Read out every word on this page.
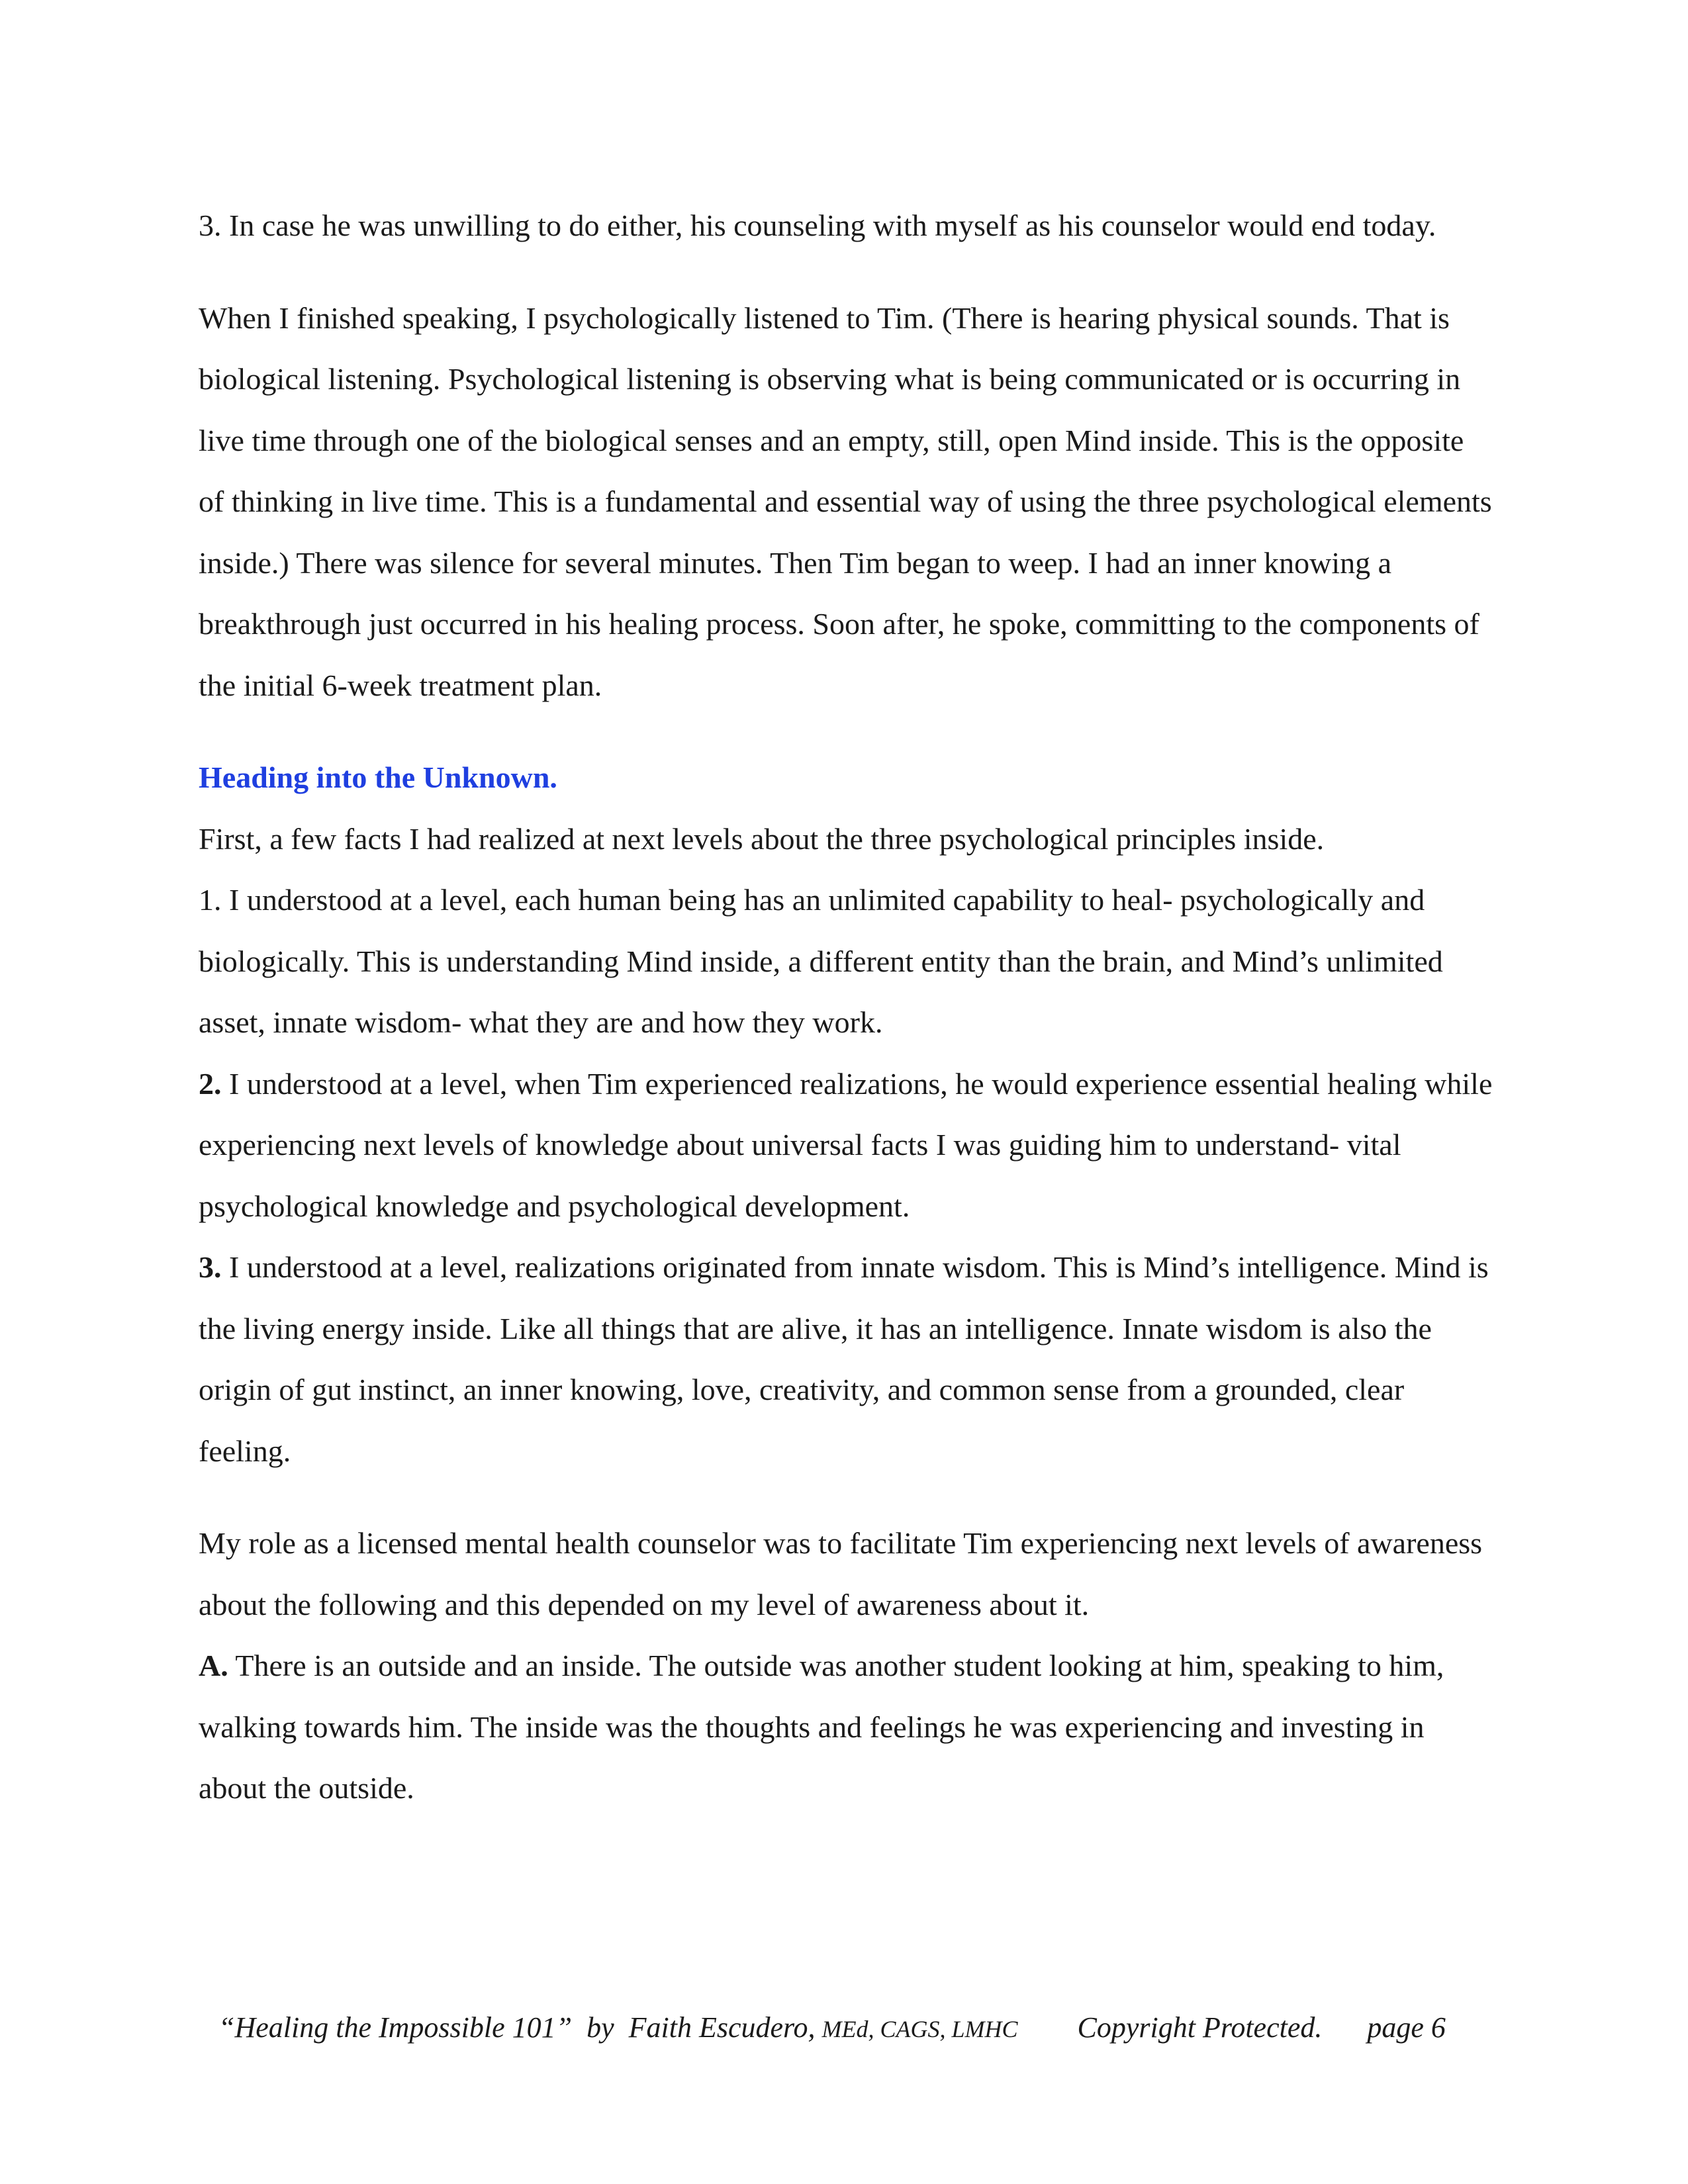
3. In case he was unwilling to do either, his counseling with myself as his counselor would end today.

When I finished speaking, I psychologically listened to Tim. (There is hearing physical sounds. That is biological listening. Psychological listening is observing what is being communicated or is occurring in live time through one of the biological senses and an empty, still, open Mind inside. This is the opposite of thinking in live time. This is a fundamental and essential way of using the three psychological elements inside.) There was silence for several minutes. Then Tim began to weep. I had an inner knowing a breakthrough just occurred in his healing process. Soon after, he spoke, committing to the components of the initial 6-week treatment plan.

Heading into the Unknown.

First, a few facts I had realized at next levels about the three psychological principles inside.

1. I understood at a level, each human being has an unlimited capability to heal- psychologically and biologically. This is understanding Mind inside, a different entity than the brain, and Mind’s unlimited asset, innate wisdom- what they are and how they work.

2. I understood at a level, when Tim experienced realizations, he would experience essential healing while experiencing next levels of knowledge about universal facts I was guiding him to understand- vital psychological knowledge and psychological development.

3. I understood at a level, realizations originated from innate wisdom. This is Mind’s intelligence. Mind is the living energy inside. Like all things that are alive, it has an intelligence. Innate wisdom is also the origin of gut instinct, an inner knowing, love, creativity, and common sense from a grounded, clear feeling.

My role as a licensed mental health counselor was to facilitate Tim experiencing next levels of awareness about the following and this depended on my level of awareness about it.

A. There is an outside and an inside. The outside was another student looking at him, speaking to him, walking towards him. The inside was the thoughts and feelings he was experiencing and investing in about the outside.

“Healing the Impossible 101” by Faith Escudero, MEd, CAGS, LMHC Copyright Protected. page 6
